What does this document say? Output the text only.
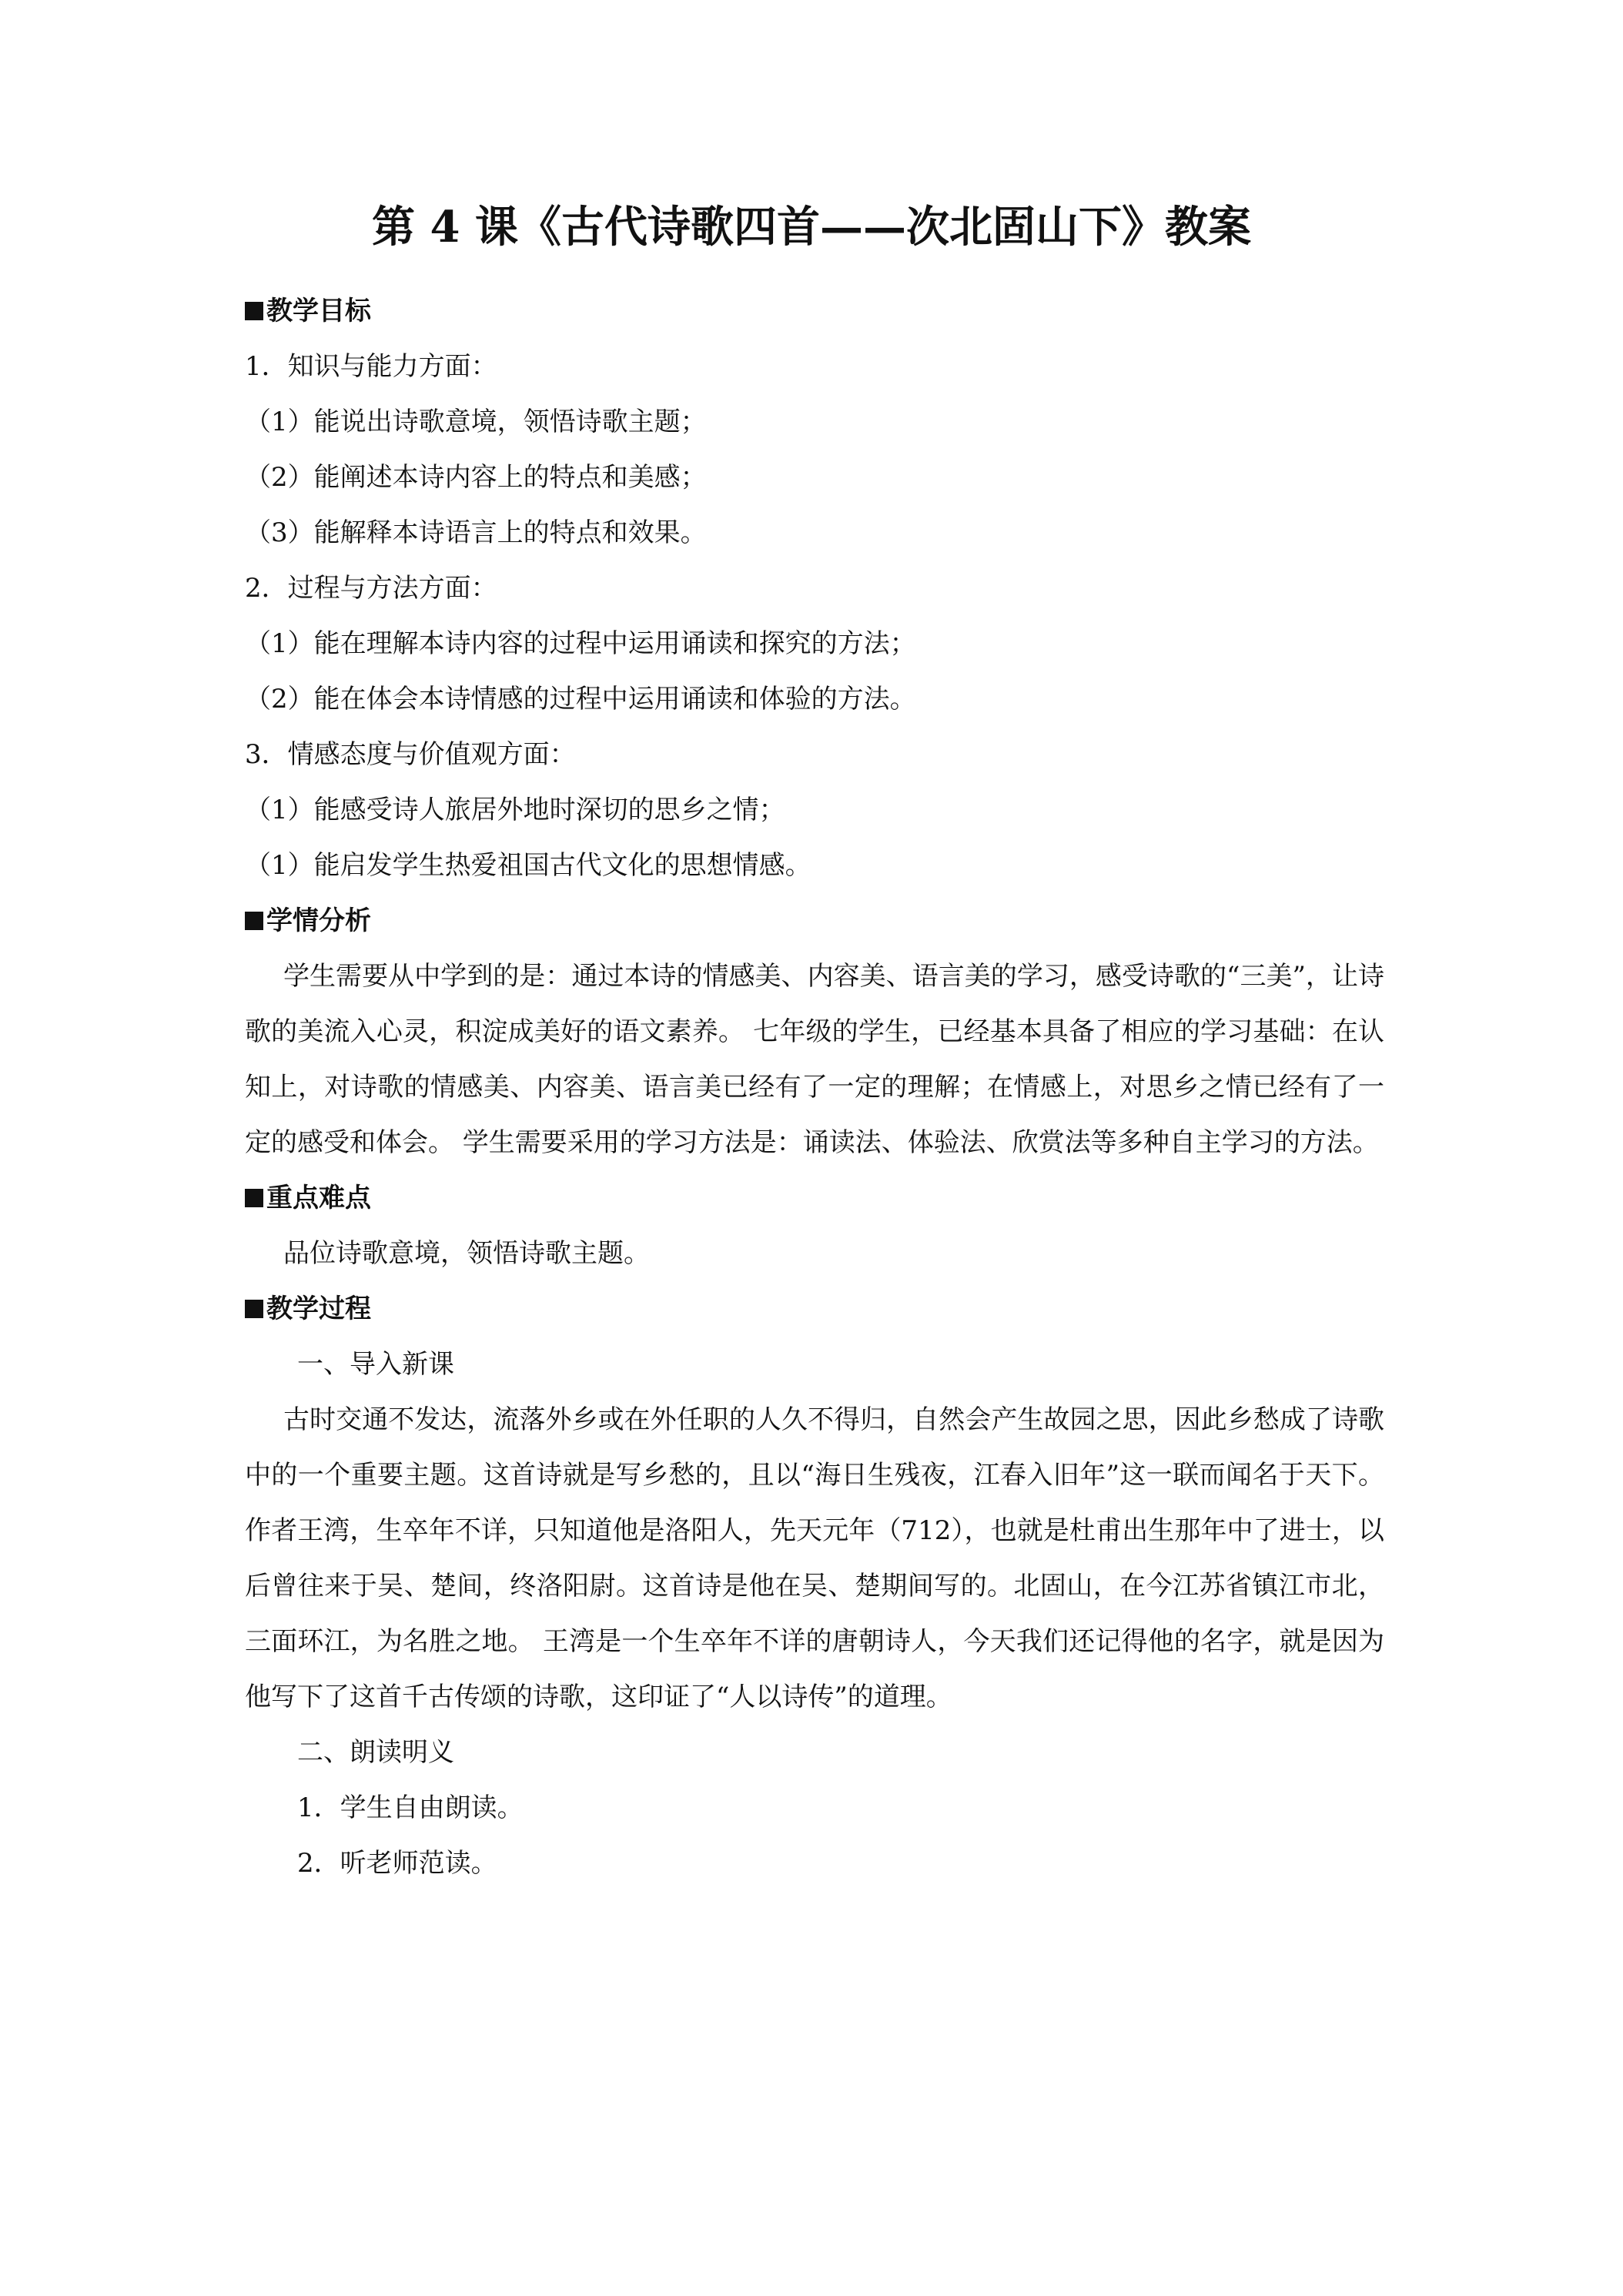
第 4 课《古代诗歌四首——次北固山下》教案

教学目标

1．知识与能力方面：

（1）能说出诗歌意境，领悟诗歌主题；

（2）能阐述本诗内容上的特点和美感；

（3）能解释本诗语言上的特点和效果。

2．过程与方法方面：

（1）能在理解本诗内容的过程中运用诵读和探究的方法；

（2）能在体会本诗情感的过程中运用诵读和体验的方法。

3．情感态度与价值观方面：

（1）能感受诗人旅居外地时深切的思乡之情；

（1）能启发学生热爱祖国古代文化的思想情感。

学情分析

学生需要从中学到的是：通过本诗的情感美、内容美、语言美的学习，感受诗歌的“三美”，让诗歌的美流入心灵，积淀成美好的语文素养。 七年级的学生，已经基本具备了相应的学习基础：在认知上，对诗歌的情感美、内容美、语言美已经有了一定的理解；在情感上，对思乡之情已经有了一定的感受和体会。 学生需要采用的学习方法是：诵读法、体验法、欣赏法等多种自主学习的方法。

重点难点

品位诗歌意境，领悟诗歌主题。

教学过程

一、导入新课

古时交通不发达，流落外乡或在外任职的人久不得归，自然会产生故园之思，因此乡愁成了诗歌中的一个重要主题。这首诗就是写乡愁的，且以“海日生残夜，江春入旧年”这一联而闻名于天下。作者王湾，生卒年不详，只知道他是洛阳人，先天元年（712），也就是杜甫出生那年中了进士，以后曾往来于吴、楚间，终洛阳尉。这首诗是他在吴、楚期间写的。北固山，在今江苏省镇江市北，三面环江，为名胜之地。 王湾是一个生卒年不详的唐朝诗人，今天我们还记得他的名字，就是因为他写下了这首千古传颂的诗歌，这印证了“人以诗传”的道理。

二、朗读明义

1．学生自由朗读。

2．听老师范读。
